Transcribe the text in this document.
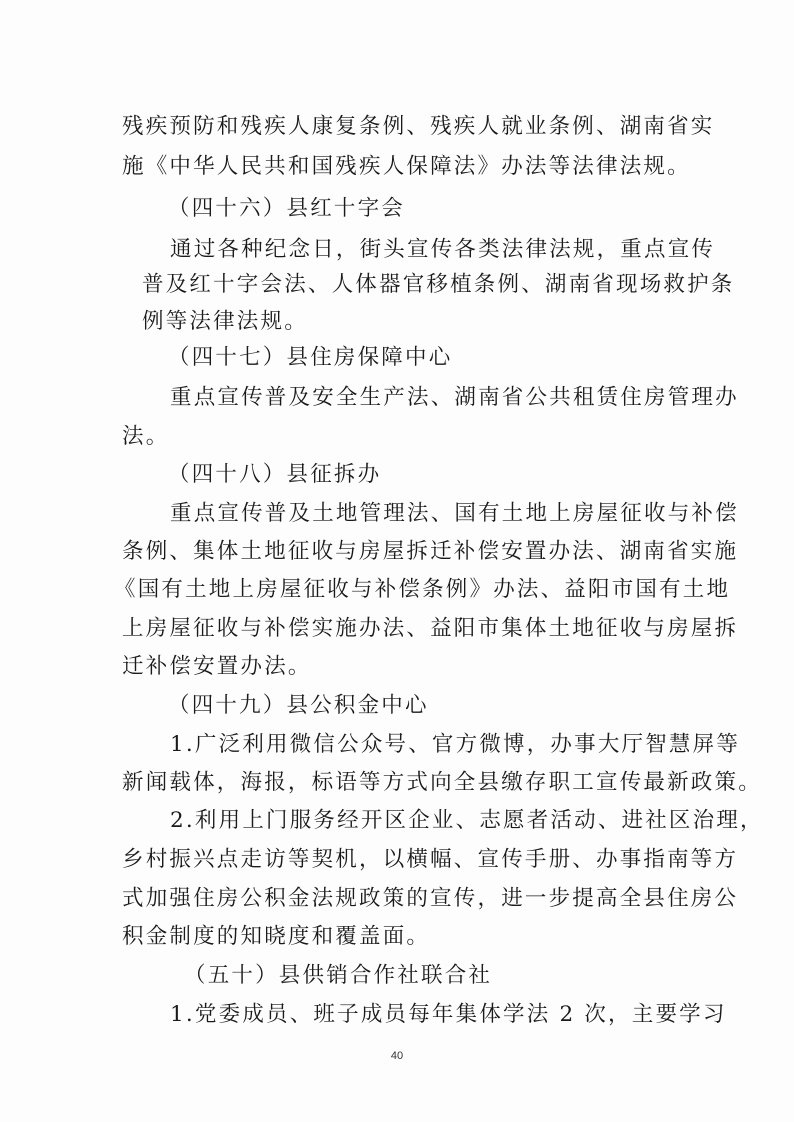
残疾预防和残疾人康复条例、残疾人就业条例、湖南省实
施《中华人民共和国残疾人保障法》办法等法律法规。
（四十六）县红十字会
通过各种纪念日，街头宣传各类法律法规，重点宣传
普及红十字会法、人体器官移植条例、湖南省现场救护条
例等法律法规。
（四十七）县住房保障中心
重点宣传普及安全生产法、湖南省公共租赁住房管理办
法。
（四十八）县征拆办
重点宣传普及土地管理法、国有土地上房屋征收与补偿
条例、集体土地征收与房屋拆迁补偿安置办法、湖南省实施
《国有土地上房屋征收与补偿条例》办法、益阳市国有土地
上房屋征收与补偿实施办法、益阳市集体土地征收与房屋拆
迁补偿安置办法。
（四十九）县公积金中心
1.广泛利用微信公众号、官方微博，办事大厅智慧屏等
新闻载体，海报，标语等方式向全县缴存职工宣传最新政策。
2.利用上门服务经开区企业、志愿者活动、进社区治理，
乡村振兴点走访等契机，以横幅、宣传手册、办事指南等方
式加强住房公积金法规政策的宣传，进一步提高全县住房公
积金制度的知晓度和覆盖面。
（五十）县供销合作社联合社
1.党委成员、班子成员每年集体学法 2 次，主要学习
40
